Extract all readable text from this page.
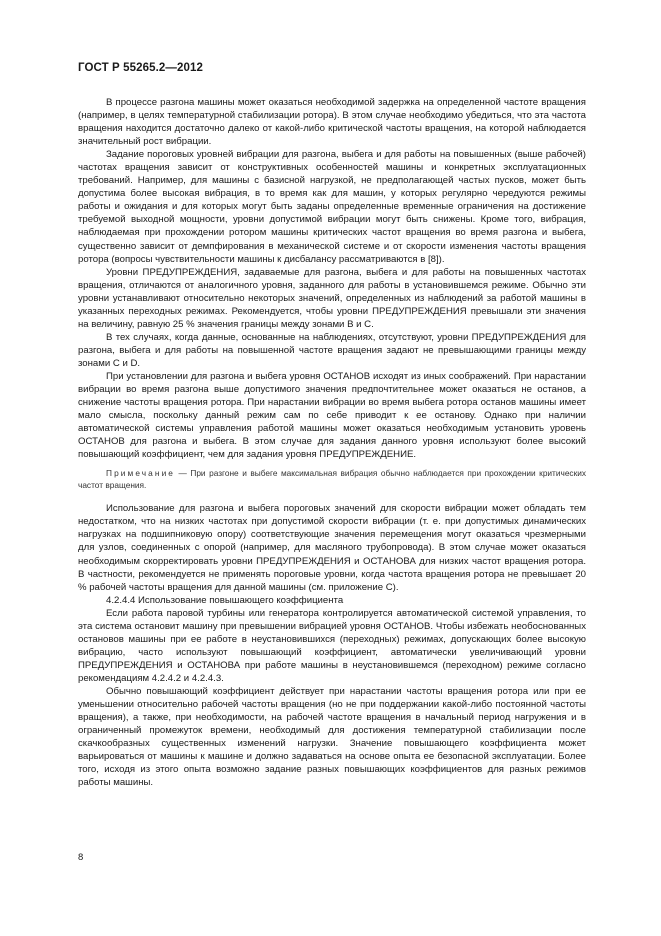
ГОСТ Р 55265.2—2012

В процессе разгона машины может оказаться необходимой задержка на определенной частоте вращения (например, в целях температурной стабилизации ротора). В этом случае необходимо убедиться, что эта частота вращения находится достаточно далеко от какой-либо критической частоты вращения, на которой наблюдается значительный рост вибрации.

Задание пороговых уровней вибрации для разгона, выбега и для работы на повышенных (выше рабочей) частотах вращения зависит от конструктивных особенностей машины и конкретных эксплуатационных требований. Например, для машины с базисной нагрузкой, не предполагающей частых пусков, может быть допустима более высокая вибрация, в то время как для машин, у которых регулярно чередуются режимы работы и ожидания и для которых могут быть заданы определенные временные ограничения на достижение требуемой выходной мощности, уровни допустимой вибрации могут быть снижены. Кроме того, вибрация, наблюдаемая при прохождении ротором машины критических частот вращения во время разгона и выбега, существенно зависит от демпфирования в механической системе и от скорости изменения частоты вращения ротора (вопросы чувствительности машины к дисбалансу рассматриваются в [8]).

Уровни ПРЕДУПРЕЖДЕНИЯ, задаваемые для разгона, выбега и для работы на повышенных частотах вращения, отличаются от аналогичного уровня, заданного для работы в установившемся режиме. Обычно эти уровни устанавливают относительно некоторых значений, определенных из наблюдений за работой машины в указанных переходных режимах. Рекомендуется, чтобы уровни ПРЕДУПРЕЖДЕНИЯ превышали эти значения на величину, равную 25 % значения границы между зонами B и C.

В тех случаях, когда данные, основанные на наблюдениях, отсутствуют, уровни ПРЕДУПРЕЖДЕНИЯ для разгона, выбега и для работы на повышенной частоте вращения задают не превышающими границы между зонами C и D.

При установлении для разгона и выбега уровня ОСТАНОВ исходят из иных соображений. При нарастании вибрации во время разгона выше допустимого значения предпочтительнее может оказаться не останов, а снижение частоты вращения ротора. При нарастании вибрации во время выбега ротора останов машины имеет мало смысла, поскольку данный режим сам по себе приводит к ее останову. Однако при наличии автоматической системы управления работой машины может оказаться необходимым установить уровень ОСТАНОВ для разгона и выбега. В этом случае для задания данного уровня используют более высокий повышающий коэффициент, чем для задания уровня ПРЕДУПРЕЖДЕНИЕ.

Примечание — При разгоне и выбеге максимальная вибрация обычно наблюдается при прохождении критических частот вращения.

Использование для разгона и выбега пороговых значений для скорости вибрации может обладать тем недостатком, что на низких частотах при допустимой скорости вибрации (т. е. при допустимых динамических нагрузках на подшипниковую опору) соответствующие значения перемещения могут оказаться чрезмерными для узлов, соединенных с опорой (например, для масляного трубопровода). В этом случае может оказаться необходимым скорректировать уровни ПРЕДУПРЕЖДЕНИЯ и ОСТАНОВА для низких частот вращения ротора. В частности, рекомендуется не применять пороговые уровни, когда частота вращения ротора не превышает 20 % рабочей частоты вращения для данной машины (см. приложение C).

4.2.4.4 Использование повышающего коэффициента

Если работа паровой турбины или генератора контролируется автоматической системой управления, то эта система остановит машину при превышении вибрацией уровня ОСТАНОВ. Чтобы избежать необоснованных остановов машины при ее работе в неустановившихся (переходных) режимах, допускающих более высокую вибрацию, часто используют повышающий коэффициент, автоматически увеличивающий уровни ПРЕДУПРЕЖДЕНИЯ и ОСТАНОВА при работе машины в неустановившемся (переходном) режиме согласно рекомендациям 4.2.4.2 и 4.2.4.3.

Обычно повышающий коэффициент действует при нарастании частоты вращения ротора или при ее уменьшении относительно рабочей частоты вращения (но не при поддержании какой-либо постоянной частоты вращения), а также, при необходимости, на рабочей частоте вращения в начальный период нагружения и в ограниченный промежуток времени, необходимый для достижения температурной стабилизации после скачкообразных существенных изменений нагрузки. Значение повышающего коэффициента может варьироваться от машины к машине и должно задаваться на основе опыта ее безопасной эксплуатации. Более того, исходя из этого опыта возможно задание разных повышающих коэффициентов для разных режимов работы машины.

8
